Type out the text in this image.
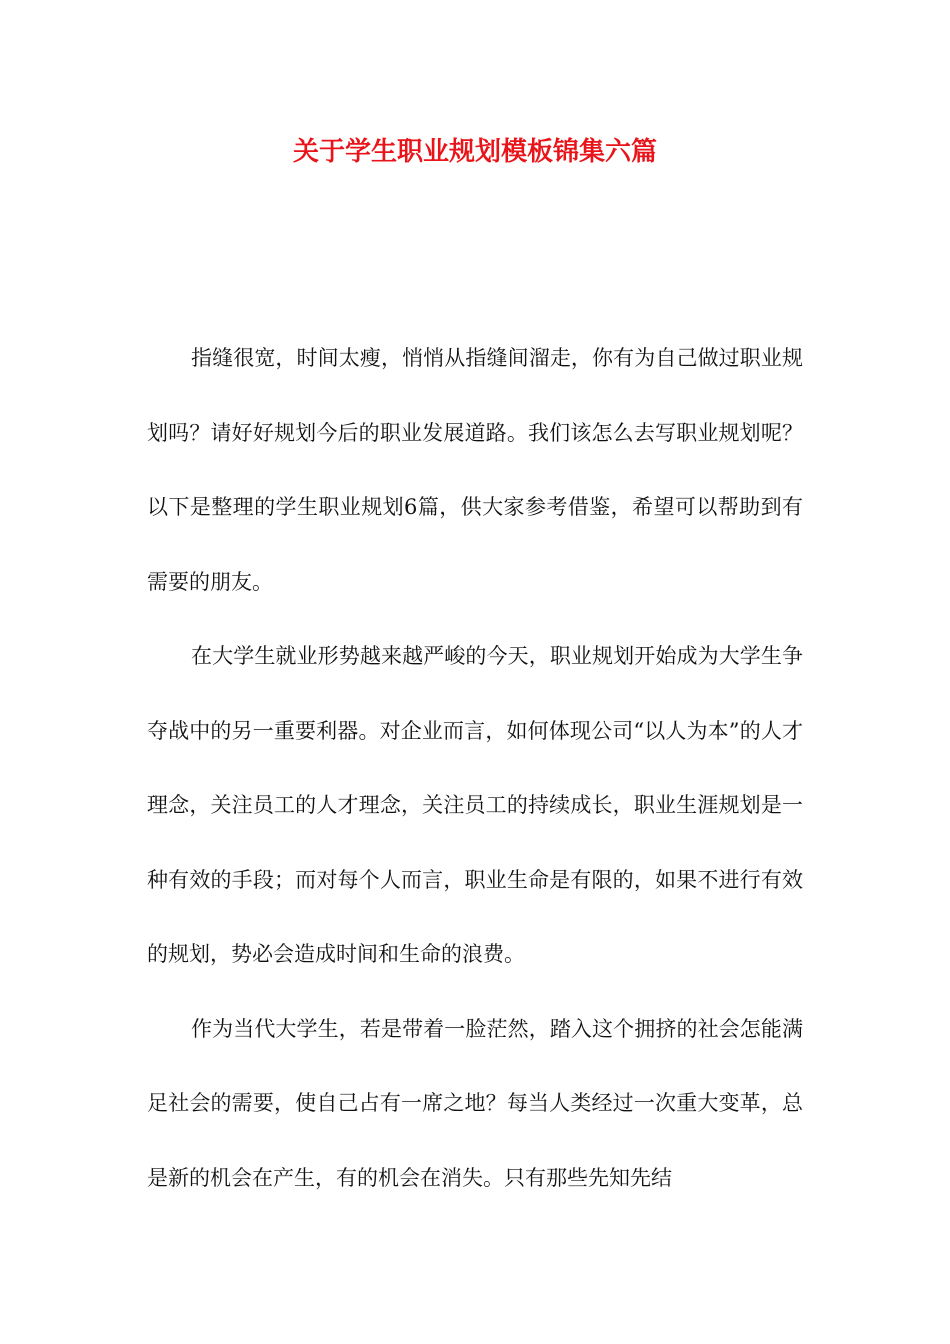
关于学生职业规划模板锦集六篇

指缝很宽，时间太瘦，悄悄从指缝间溜走，你有为自己做过职业规划吗？请好好规划今后的职业发展道路。我们该怎么去写职业规划呢？以下是整理的学生职业规划6篇，供大家参考借鉴，希望可以帮助到有需要的朋友。

在大学生就业形势越来越严峻的今天，职业规划开始成为大学生争夺战中的另一重要利器。对企业而言，如何体现公司“以人为本”的人才理念，关注员工的人才理念，关注员工的持续成长，职业生涯规划是一种有效的手段；而对每个人而言，职业生命是有限的，如果不进行有效的规划，势必会造成时间和生命的浪费。

作为当代大学生，若是带着一脸茫然，踏入这个拥挤的社会怎能满足社会的需要，使自己占有一席之地？每当人类经过一次重大变革，总是新的机会在产生，有的机会在消失。只有那些先知先结
